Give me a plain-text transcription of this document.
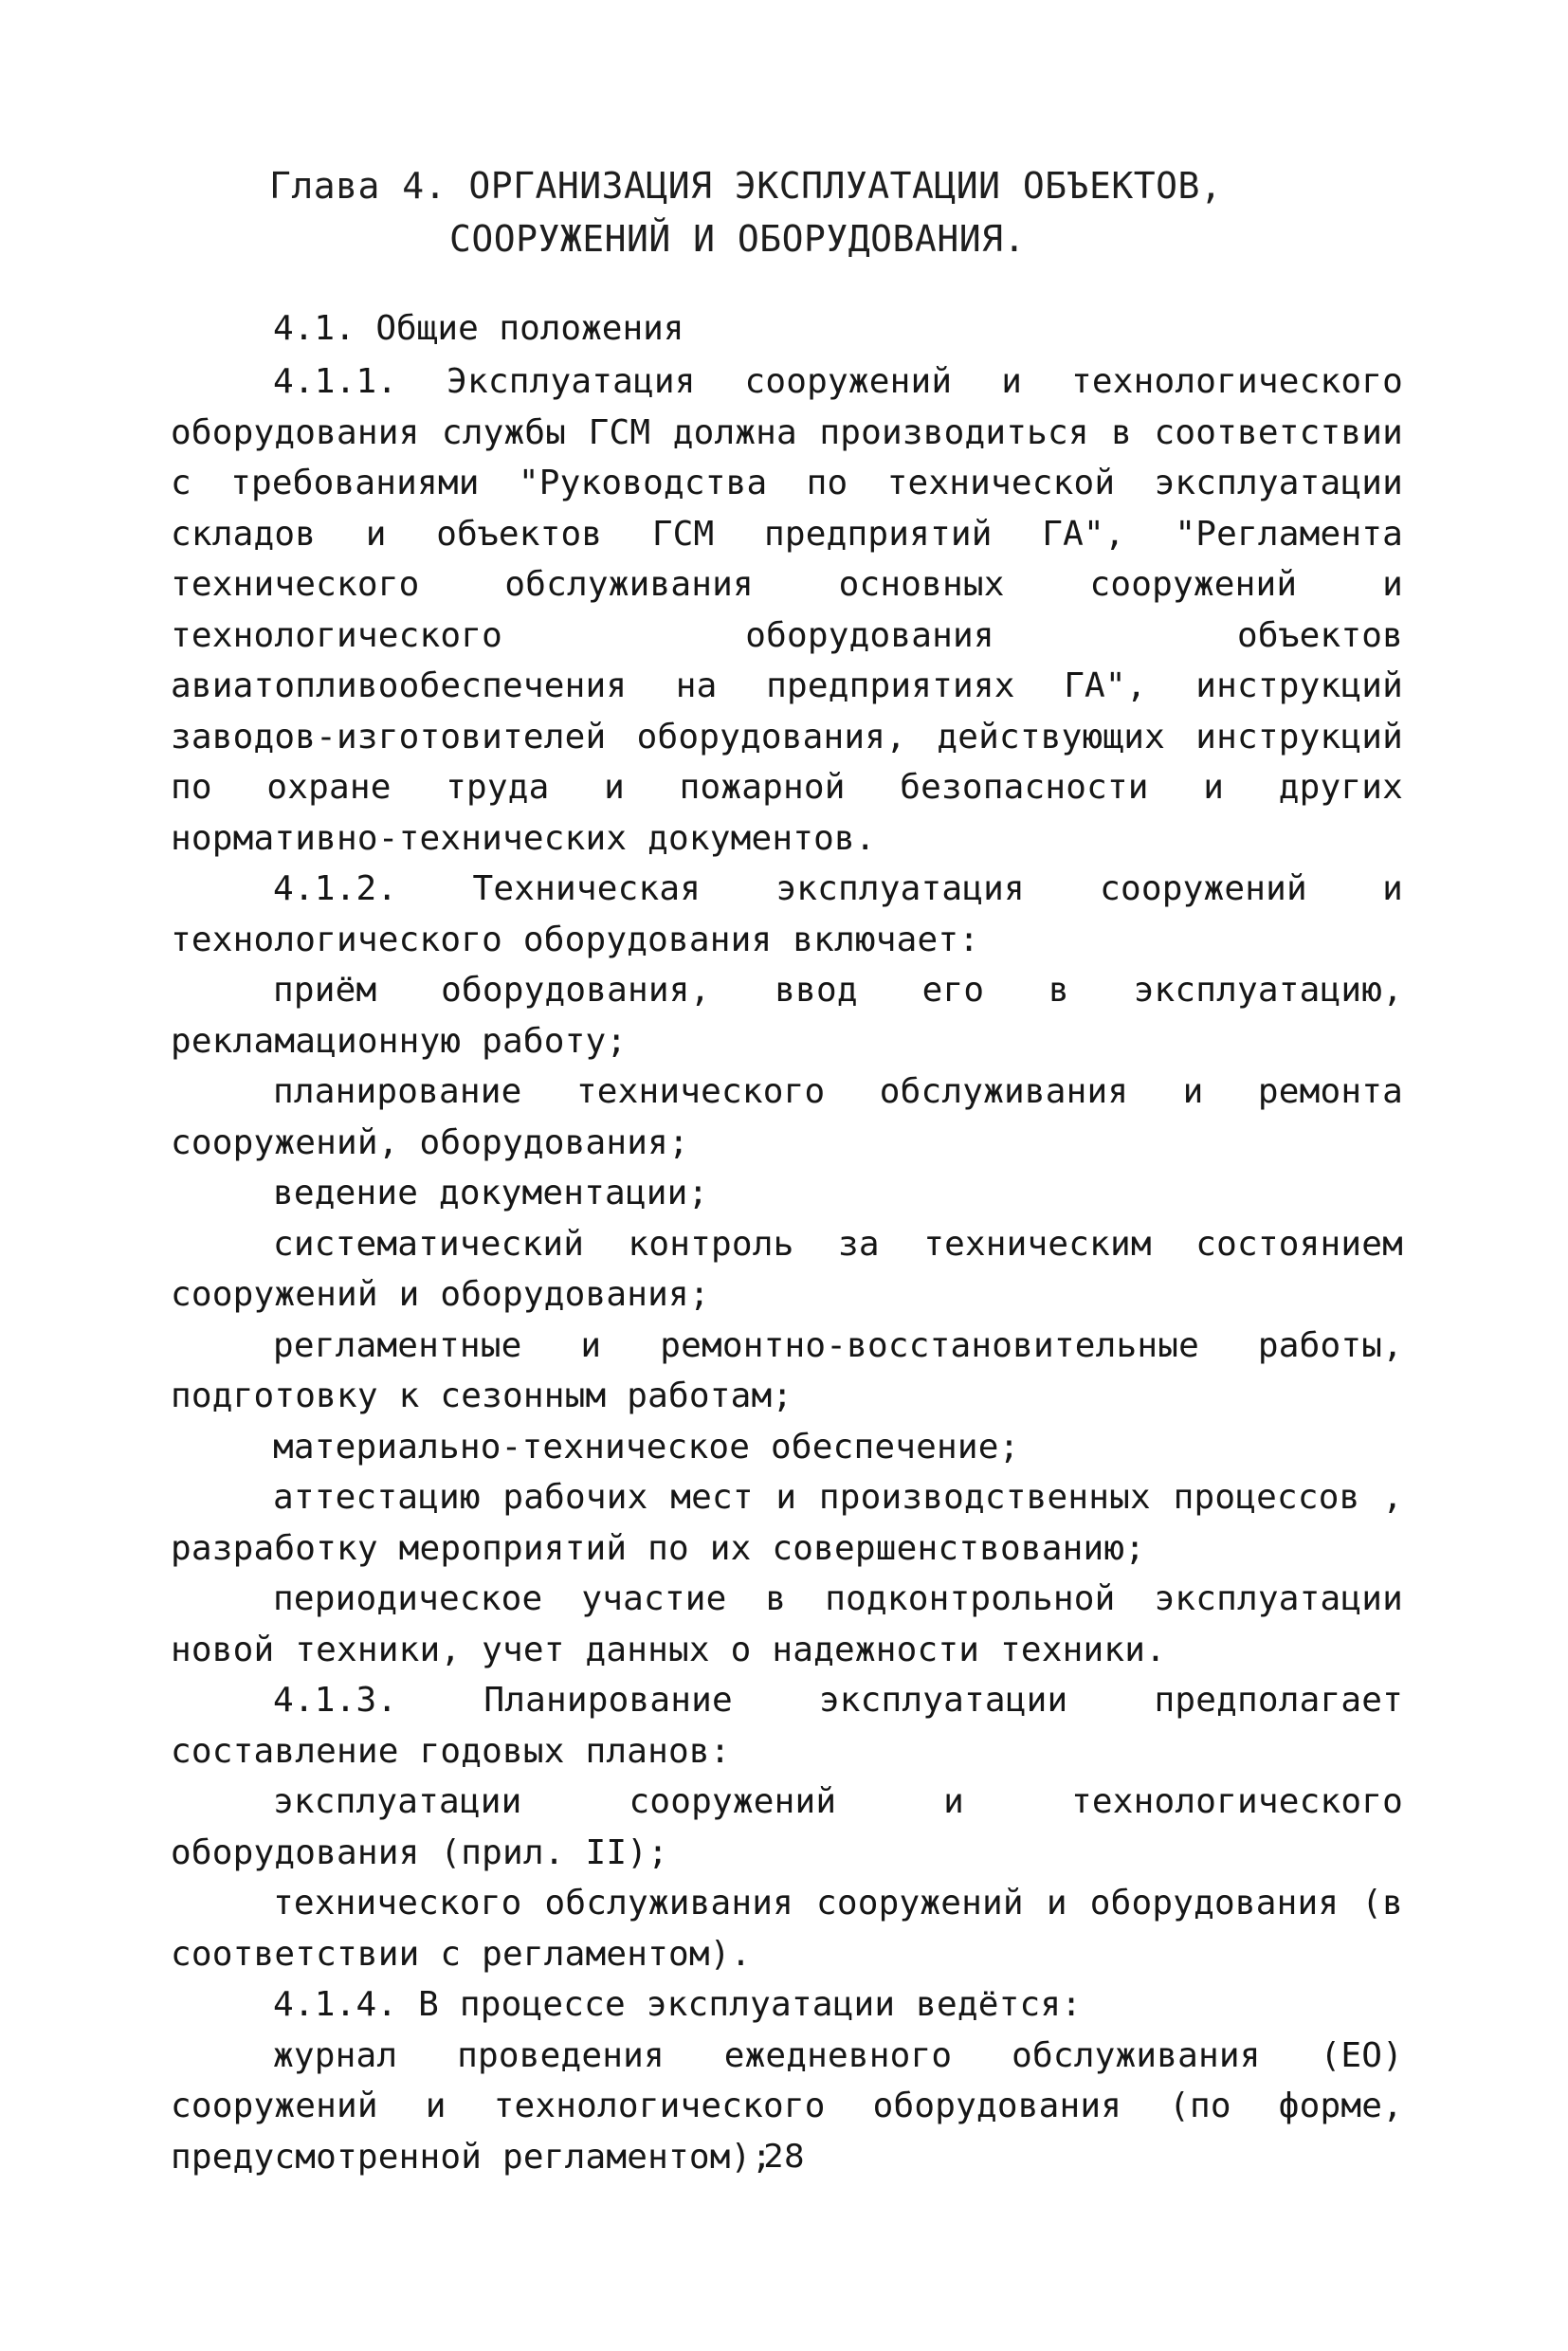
Глава 4. ОРГАНИЗАЦИЯ ЭКСПЛУАТАЦИИ ОБЪЕКТОВ,
СООРУЖЕНИЙ И ОБОРУДОВАНИЯ.
4.1. Общие положения

4.1.1. Эксплуатация сооружений и технологического оборудования службы ГСМ должна производиться в соответствии с требованиями "Руководства по технической эксплуатации складов и объектов ГСМ предприятий ГА", "Регламента технического обслуживания основных сооружений и технологического оборудования объектов авиатопливообеспечения на предприятиях ГА", инструкций заводов-изготовителей оборудования, действующих инструкций по охране труда и пожарной безопасности и других нормативно-технических документов.

4.1.2. Техническая эксплуатация сооружений и технологического оборудования включает:

приём оборудования, ввод его в эксплуатацию, рекламационную работу;

планирование технического обслуживания и ремонта сооружений, оборудования;

ведение документации;

систематический контроль за техническим состоянием сооружений и оборудования;

регламентные и ремонтно-восстановительные работы, подготовку к сезонным работам;

материально-техническое обеспечение;

аттестацию рабочих мест и производственных процессов , разработку мероприятий по их совершенствованию;

периодическое участие в подконтрольной эксплуатации новой техники, учет данных о надежности техники.

4.1.3. Планирование эксплуатации предполагает составление годовых планов:

эксплуатации сооружений и технологического оборудования (прил. II);

технического обслуживания сооружений и оборудования (в соответствии с регламентом).

4.1.4. В процессе эксплуатации ведётся:

журнал проведения ежедневного обслуживания (ЕО) сооружений и технологического оборудования (по форме, предусмотренной регламентом);

28
